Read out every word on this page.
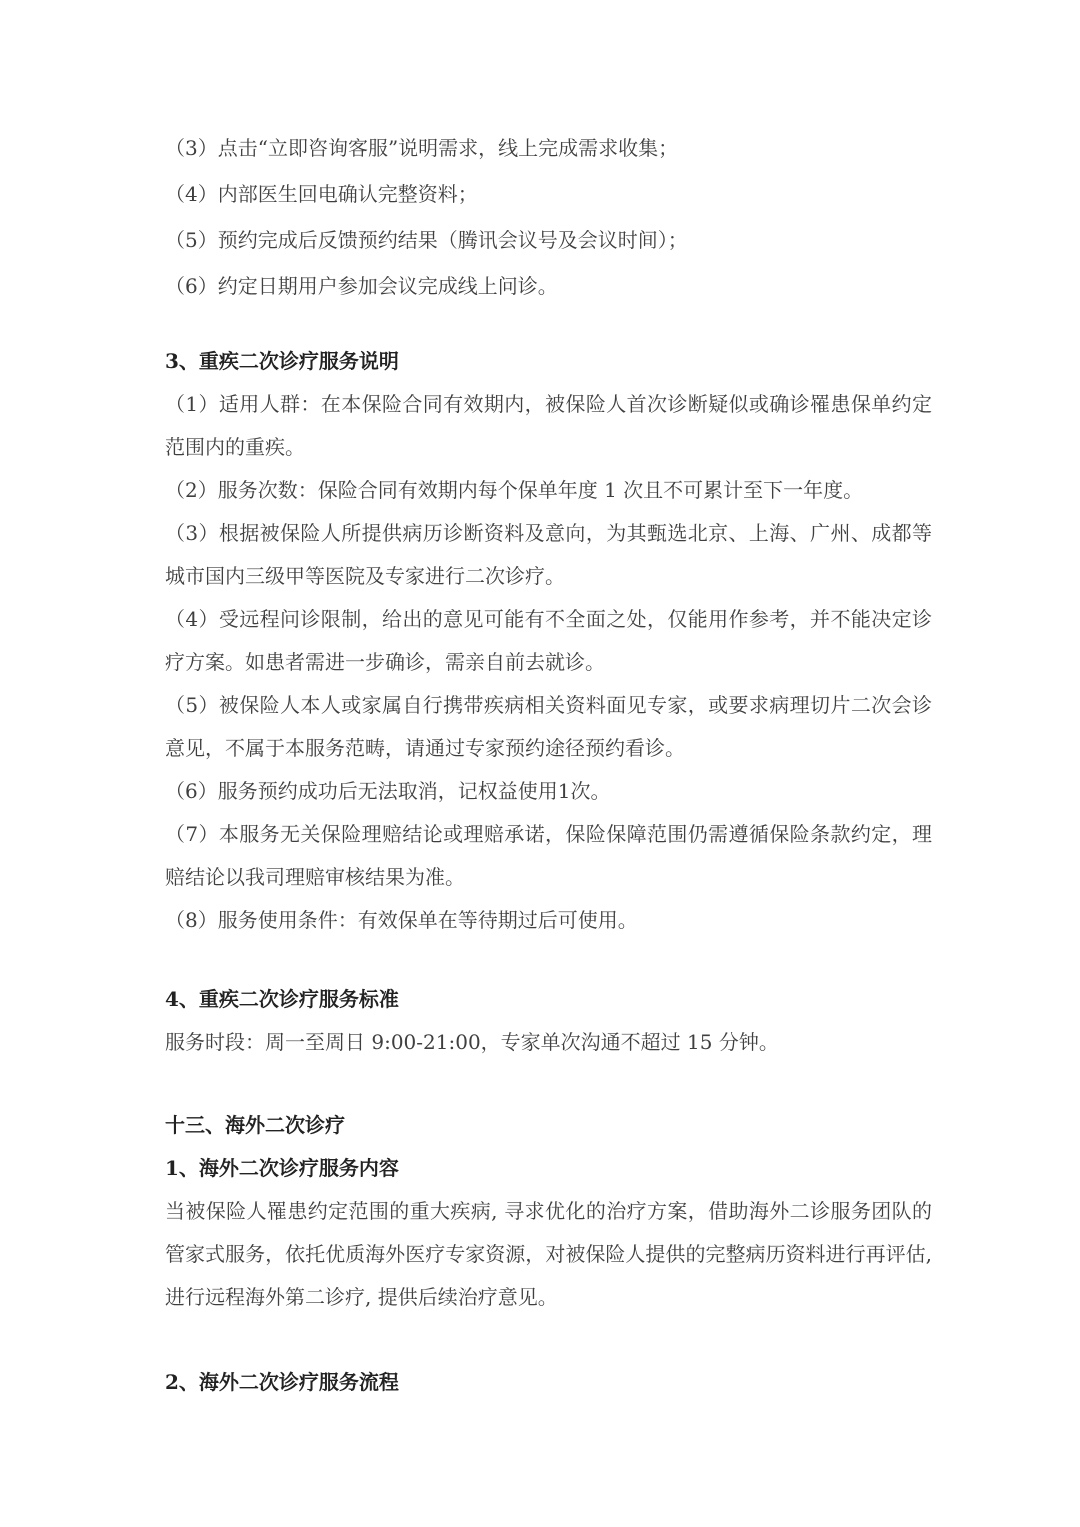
（3）点击“立即咨询客服”说明需求，线上完成需求收集；

（4）内部医生回电确认完整资料；

（5）预约完成后反馈预约结果（腾讯会议号及会议时间）；

（6）约定日期用户参加会议完成线上问诊。

3、重疾二次诊疗服务说明

（1）适用人群：在本保险合同有效期内，被保险人首次诊断疑似或确诊罹患保单约定范围内的重疾。

（2）服务次数：保险合同有效期内每个保单年度 1 次且不可累计至下一年度。

（3）根据被保险人所提供病历诊断资料及意向，为其甄选北京、上海、广州、成都等城市国内三级甲等医院及专家进行二次诊疗。

（4）受远程问诊限制，给出的意见可能有不全面之处，仅能用作参考，并不能决定诊疗方案。如患者需进一步确诊，需亲自前去就诊。

（5）被保险人本人或家属自行携带疾病相关资料面见专家，或要求病理切片二次会诊意见，不属于本服务范畴，请通过专家预约途径预约看诊。

（6）服务预约成功后无法取消，记权益使用1次。

（7）本服务无关保险理赔结论或理赔承诺，保险保障范围仍需遵循保险条款约定，理赔结论以我司理赔审核结果为准。

（8）服务使用条件：有效保单在等待期过后可使用。

4、重疾二次诊疗服务标准

服务时段：周一至周日 9:00-21:00，专家单次沟通不超过 15 分钟。

十三、海外二次诊疗
1、海外二次诊疗服务内容

当被保险人罹患约定范围的重大疾病, 寻求优化的治疗方案，借助海外二诊服务团队的管家式服务，依托优质海外医疗专家资源，对被保险人提供的完整病历资料进行再评估, 进行远程海外第二诊疗, 提供后续治疗意见。

2、海外二次诊疗服务流程
